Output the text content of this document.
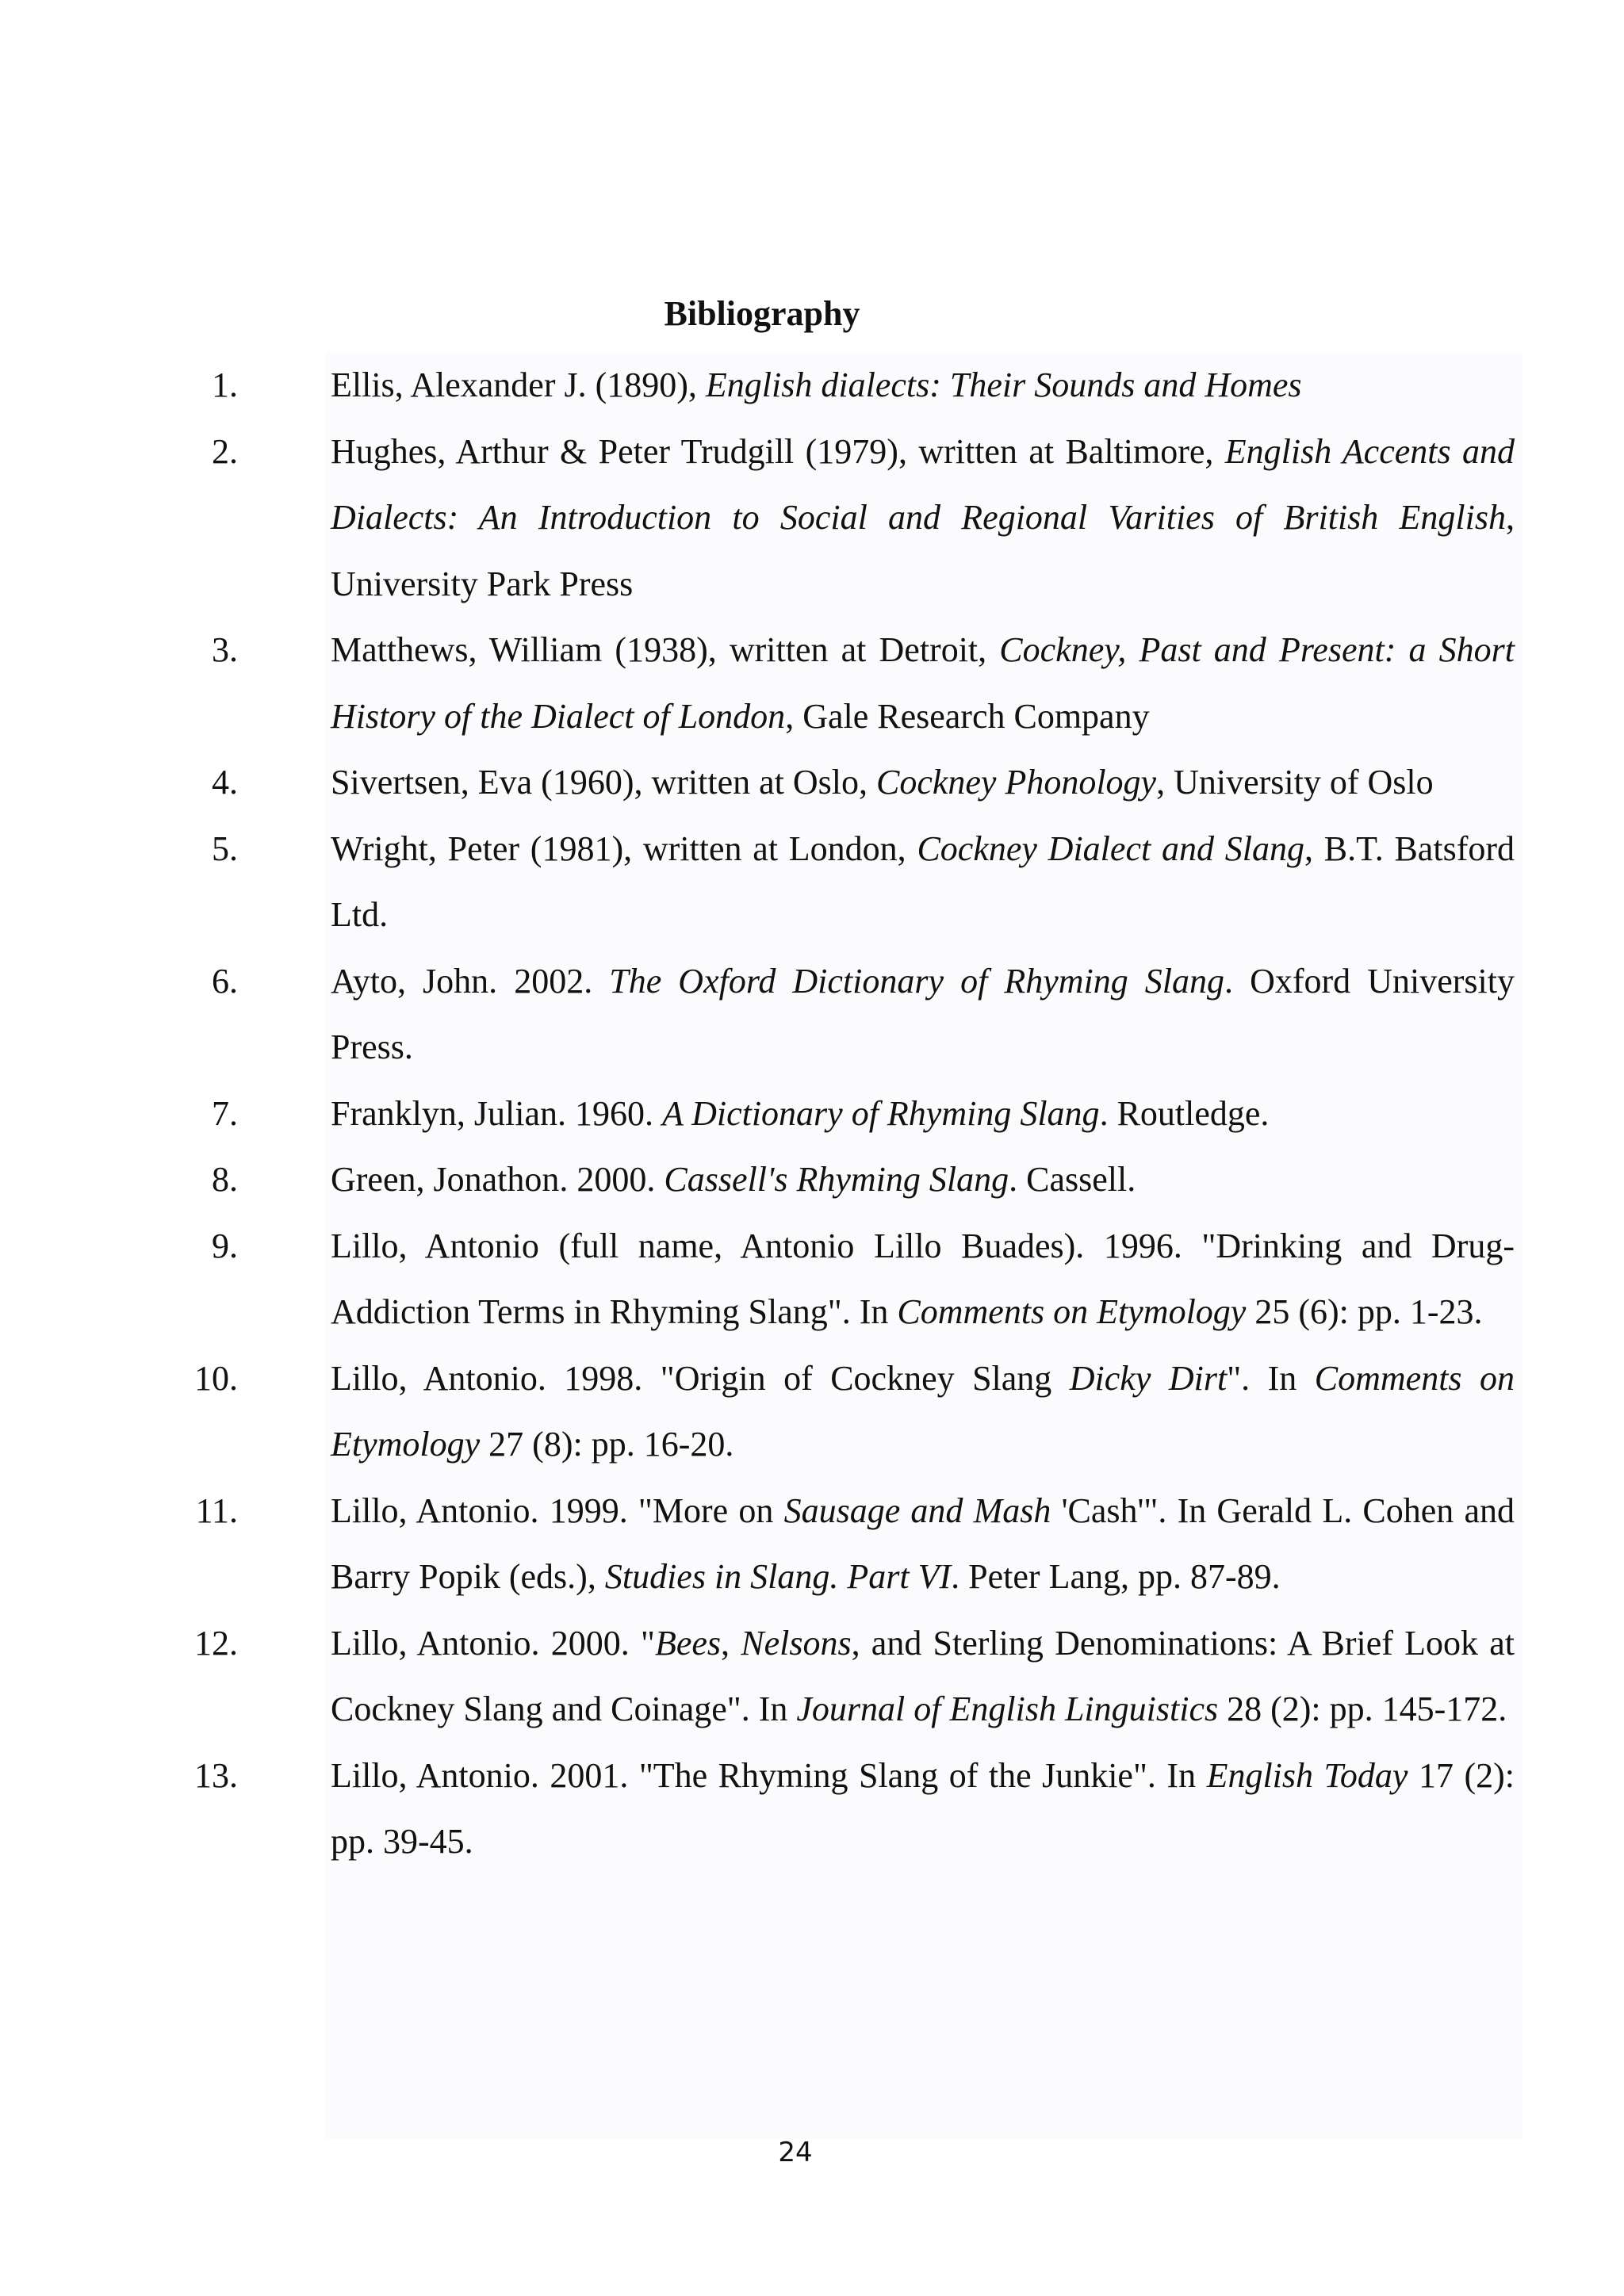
Bibliography
1.	Ellis, Alexander J. (1890), English dialects: Their Sounds and Homes
2.	Hughes, Arthur & Peter Trudgill (1979), written at Baltimore, English Accents and Dialects: An Introduction to Social and Regional Varities of British English, University Park Press
3.	Matthews, William (1938), written at Detroit, Cockney, Past and Present: a Short History of the Dialect of London, Gale Research Company
4.	Sivertsen, Eva (1960), written at Oslo, Cockney Phonology, University of Oslo
5.	Wright, Peter (1981), written at London, Cockney Dialect and Slang, B.T. Batsford Ltd.
6.	Ayto, John. 2002. The Oxford Dictionary of Rhyming Slang. Oxford University Press.
7.	Franklyn, Julian. 1960. A Dictionary of Rhyming Slang. Routledge.
8.	Green, Jonathon. 2000. Cassell's Rhyming Slang. Cassell.
9.	Lillo, Antonio (full name, Antonio Lillo Buades). 1996. "Drinking and Drug-Addiction Terms in Rhyming Slang". In Comments on Etymology 25 (6): pp. 1-23.
10.	Lillo, Antonio. 1998. "Origin of Cockney Slang Dicky Dirt". In Comments on Etymology 27 (8): pp. 16-20.
11.	Lillo, Antonio. 1999. "More on Sausage and Mash 'Cash'". In Gerald L. Cohen and Barry Popik (eds.), Studies in Slang. Part VI. Peter Lang, pp. 87-89.
12.	Lillo, Antonio. 2000. "Bees, Nelsons, and Sterling Denominations: A Brief Look at Cockney Slang and Coinage". In Journal of English Linguistics 28 (2): pp. 145-172.
13.	Lillo, Antonio. 2001. "The Rhyming Slang of the Junkie". In English Today 17 (2): pp. 39-45.
24
